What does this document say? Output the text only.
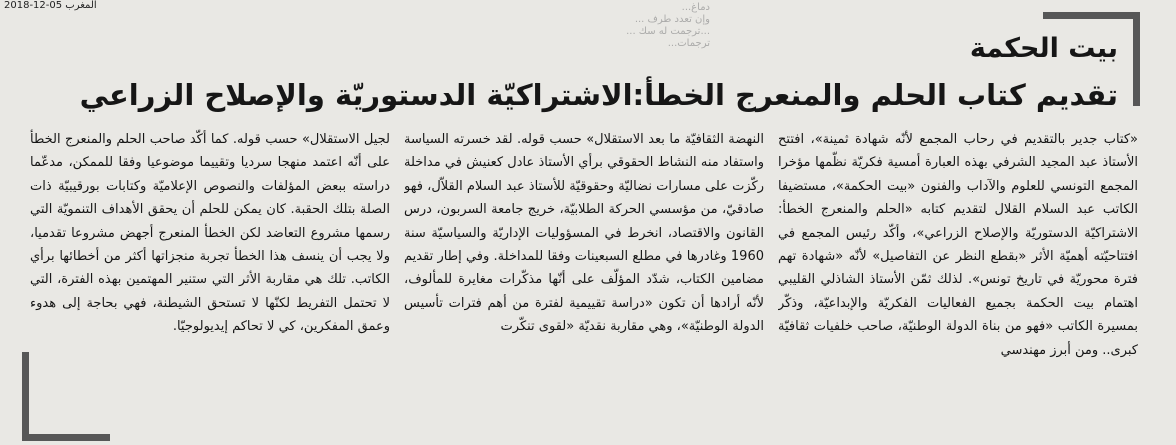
2018-12-05 المغرب	دماغ...
وإن تعدد طرف ...
...ترجمت له سك ...
ترجمات...	بيت الحكمة
تقديم كتاب الحلم والمنعرج الخطأ:الاشتراكيّة الدستوريّة والإصلاح الزراعي

«كتاب جدير بالتقديم في رحاب المجمع لأنّه شهادة ثمينة»، افتتح الأستاذ عبد المجيد الشرفي بهذه العبارة أمسية فكريّة نظّمها مؤخرا المجمع التونسي للعلوم والآداب والفنون «بيت الحكمة»، مستضيفا الكاتب عبد السلام القلال لتقديم كتابه «الحلم والمنعرج الخطأ: الاشتراكيّة الدستوريّة والإصلاح الزراعي»، وأكّد رئيس المجمع في افتتاحيّته أهميّة الأثر «بقطع النظر عن التفاصيل» لأنّه «شهادة تهم فترة محوريّة في تاريخ تونس». لذلك ثمّن الأستاذ الشاذلي القليبي اهتمام بيت الحكمة بجميع الفعاليات الفكريّة والإبداعيّة، وذكّر بمسيرة الكاتب «فهو من بناة الدولة الوطنيّة، صاحب خلفيات ثقافيّة كبرى.. ومن أبرز مهندسي

النهضة الثقافيّة ما بعد الاستقلال» حسب قوله. لقد خسرته السياسة واستفاد منه النشاط الحقوقي برأي الأستاذ عادل كعنيش في مداخلة ركّزت على مسارات نضاليّة وحقوقيّة للأستاذ عبد السلام القلاّل، فهو صادقيّ، من مؤسسي الحركة الطلابيّة، خريج جامعة السربون، درس القانون والاقتصاد، انخرط في المسؤوليات الإداريّة والسياسيّة سنة 1960 وغادرها في مطلع السبعينات وفقا للمداخلة. وفي إطار تقديم مضامين الكتاب، شدّد المؤلّف على أنّها مذكّرات مغايرة للمألوف، لأنّه أرادها أن تكون «دراسة تقييمية لفترة من أهم فترات تأسيس الدولة الوطنيّة»، وهي مقاربة نقديّة «لقوى تنكّرت

لجيل الاستقلال» حسب قوله. كما أكّد صاحب الحلم والمنعرج الخطأ على أنّه اعتمد منهجا سرديا وتقييما موضوعيا وفقا للممكن، مدعّما دراسته ببعض المؤلفات والنصوص الإعلاميّة وكتابات بورقيبيّة ذات الصلة بتلك الحقبة. كان يمكن للحلم أن يحقق الأهداف التنمويّة التي رسمها مشروع التعاضد لكن الخطأ المنعرج أجهض مشروعا تقدميا، ولا يجب أن ينسف هذا الخطأ تجربة منجزاتها أكثر من أخطائها برأي الكاتب. تلك هي مقاربة الأثر التي ستنير المهتمين بهذه الفترة، التي لا تحتمل التفريط لكنّها لا تستحق الشيطنة، فهي بحاجة إلى هدوء وعمق المفكرين، كي لا تحاكم إيديولوجيّا.
